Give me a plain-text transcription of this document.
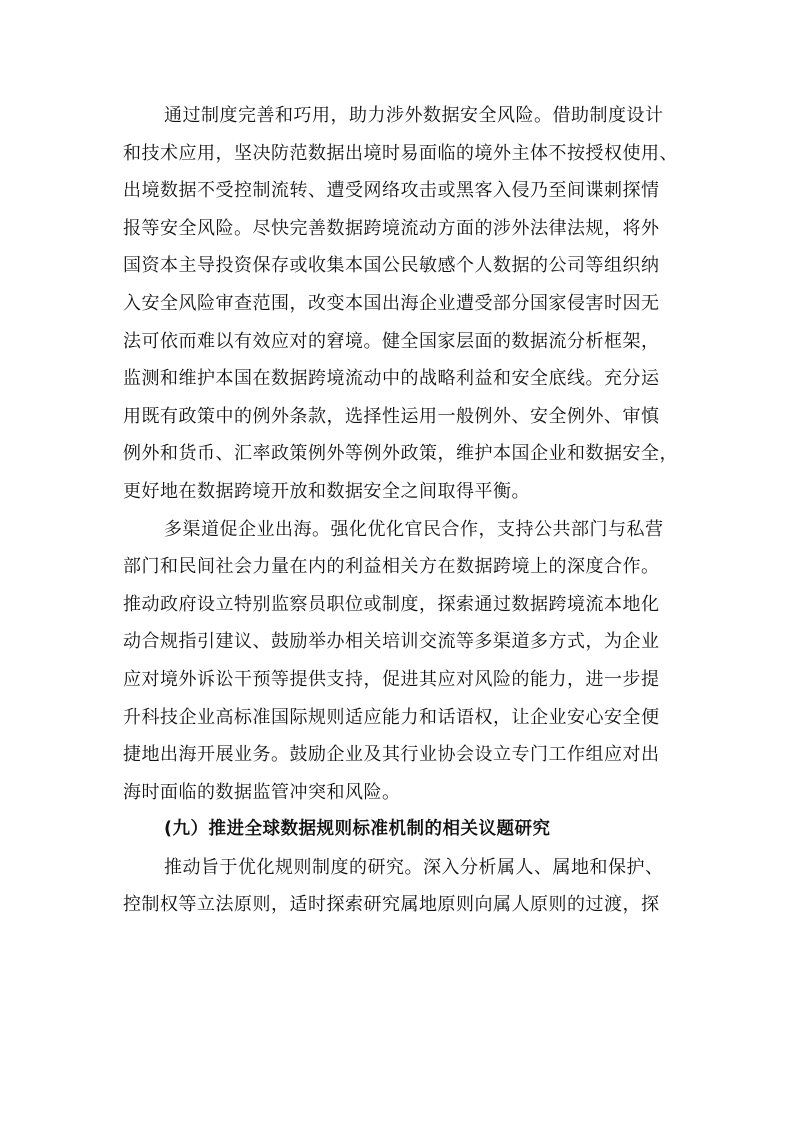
通过制度完善和巧用，助力涉外数据安全风险。借助制度设计
和技术应用，坚决防范数据出境时易面临的境外主体不按授权使用、
出境数据不受控制流转、遭受网络攻击或黑客入侵乃至间谍刺探情
报等安全风险。尽快完善数据跨境流动方面的涉外法律法规，将外
国资本主导投资保存或收集本国公民敏感个人数据的公司等组织纳
入安全风险审查范围，改变本国出海企业遭受部分国家侵害时因无
法可依而难以有效应对的窘境。健全国家层面的数据流分析框架，
监测和维护本国在数据跨境流动中的战略利益和安全底线。充分运
用既有政策中的例外条款，选择性运用一般例外、安全例外、审慎
例外和货币、汇率政策例外等例外政策，维护本国企业和数据安全，
更好地在数据跨境开放和数据安全之间取得平衡。
多渠道促企业出海。强化优化官民合作，支持公共部门与私营
部门和民间社会力量在内的利益相关方在数据跨境上的深度合作。
推动政府设立特别监察员职位或制度，探索通过数据跨境流本地化
动合规指引建议、鼓励举办相关培训交流等多渠道多方式，为企业
应对境外诉讼干预等提供支持，促进其应对风险的能力，进一步提
升科技企业高标准国际规则适应能力和话语权，让企业安心安全便
捷地出海开展业务。鼓励企业及其行业协会设立专门工作组应对出
海时面临的数据监管冲突和风险。
(九）推进全球数据规则标准机制的相关议题研究
推动旨于优化规则制度的研究。深入分析属人、属地和保护、
控制权等立法原则，适时探索研究属地原则向属人原则的过渡，探
